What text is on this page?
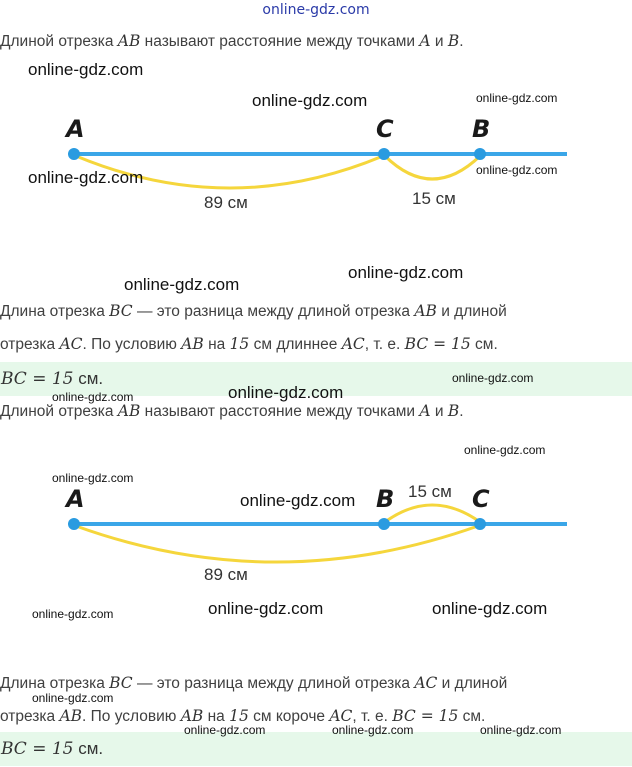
online-gdz.com
Длиной отрезка AB называют расстояние между точками A и B.
A	C	B
89 см	15 см
Длина отрезка BC — это разница между длиной отрезка AB и длиной
отрезка AC. По условию AB на 15 см длиннее AC, т. е. BC = 15 см.
BC = 15 см.
Длиной отрезка AB называют расстояние между точками A и B.
A	B	C
89 см
15 см
Длина отрезка BC — это разница между длиной отрезка AC и длиной
отрезка AB. По условию AB на 15 см короче AC, т. е. BC = 15 см.
BC = 15 см.
online-gdz.com
online-gdz.com	online-gdz.com
online-gdz.com	online-gdz.com
online-gdz.com
online-gdz.com
online-gdz.com
online-gdz.com
online-gdz.com
online-gdz.com
online-gdz.com
online-gdz.com
online-gdz.com	online-gdz.com
online-gdz.com
online-gdz.com
online-gdz.com	online-gdz.com	online-gdz.com
